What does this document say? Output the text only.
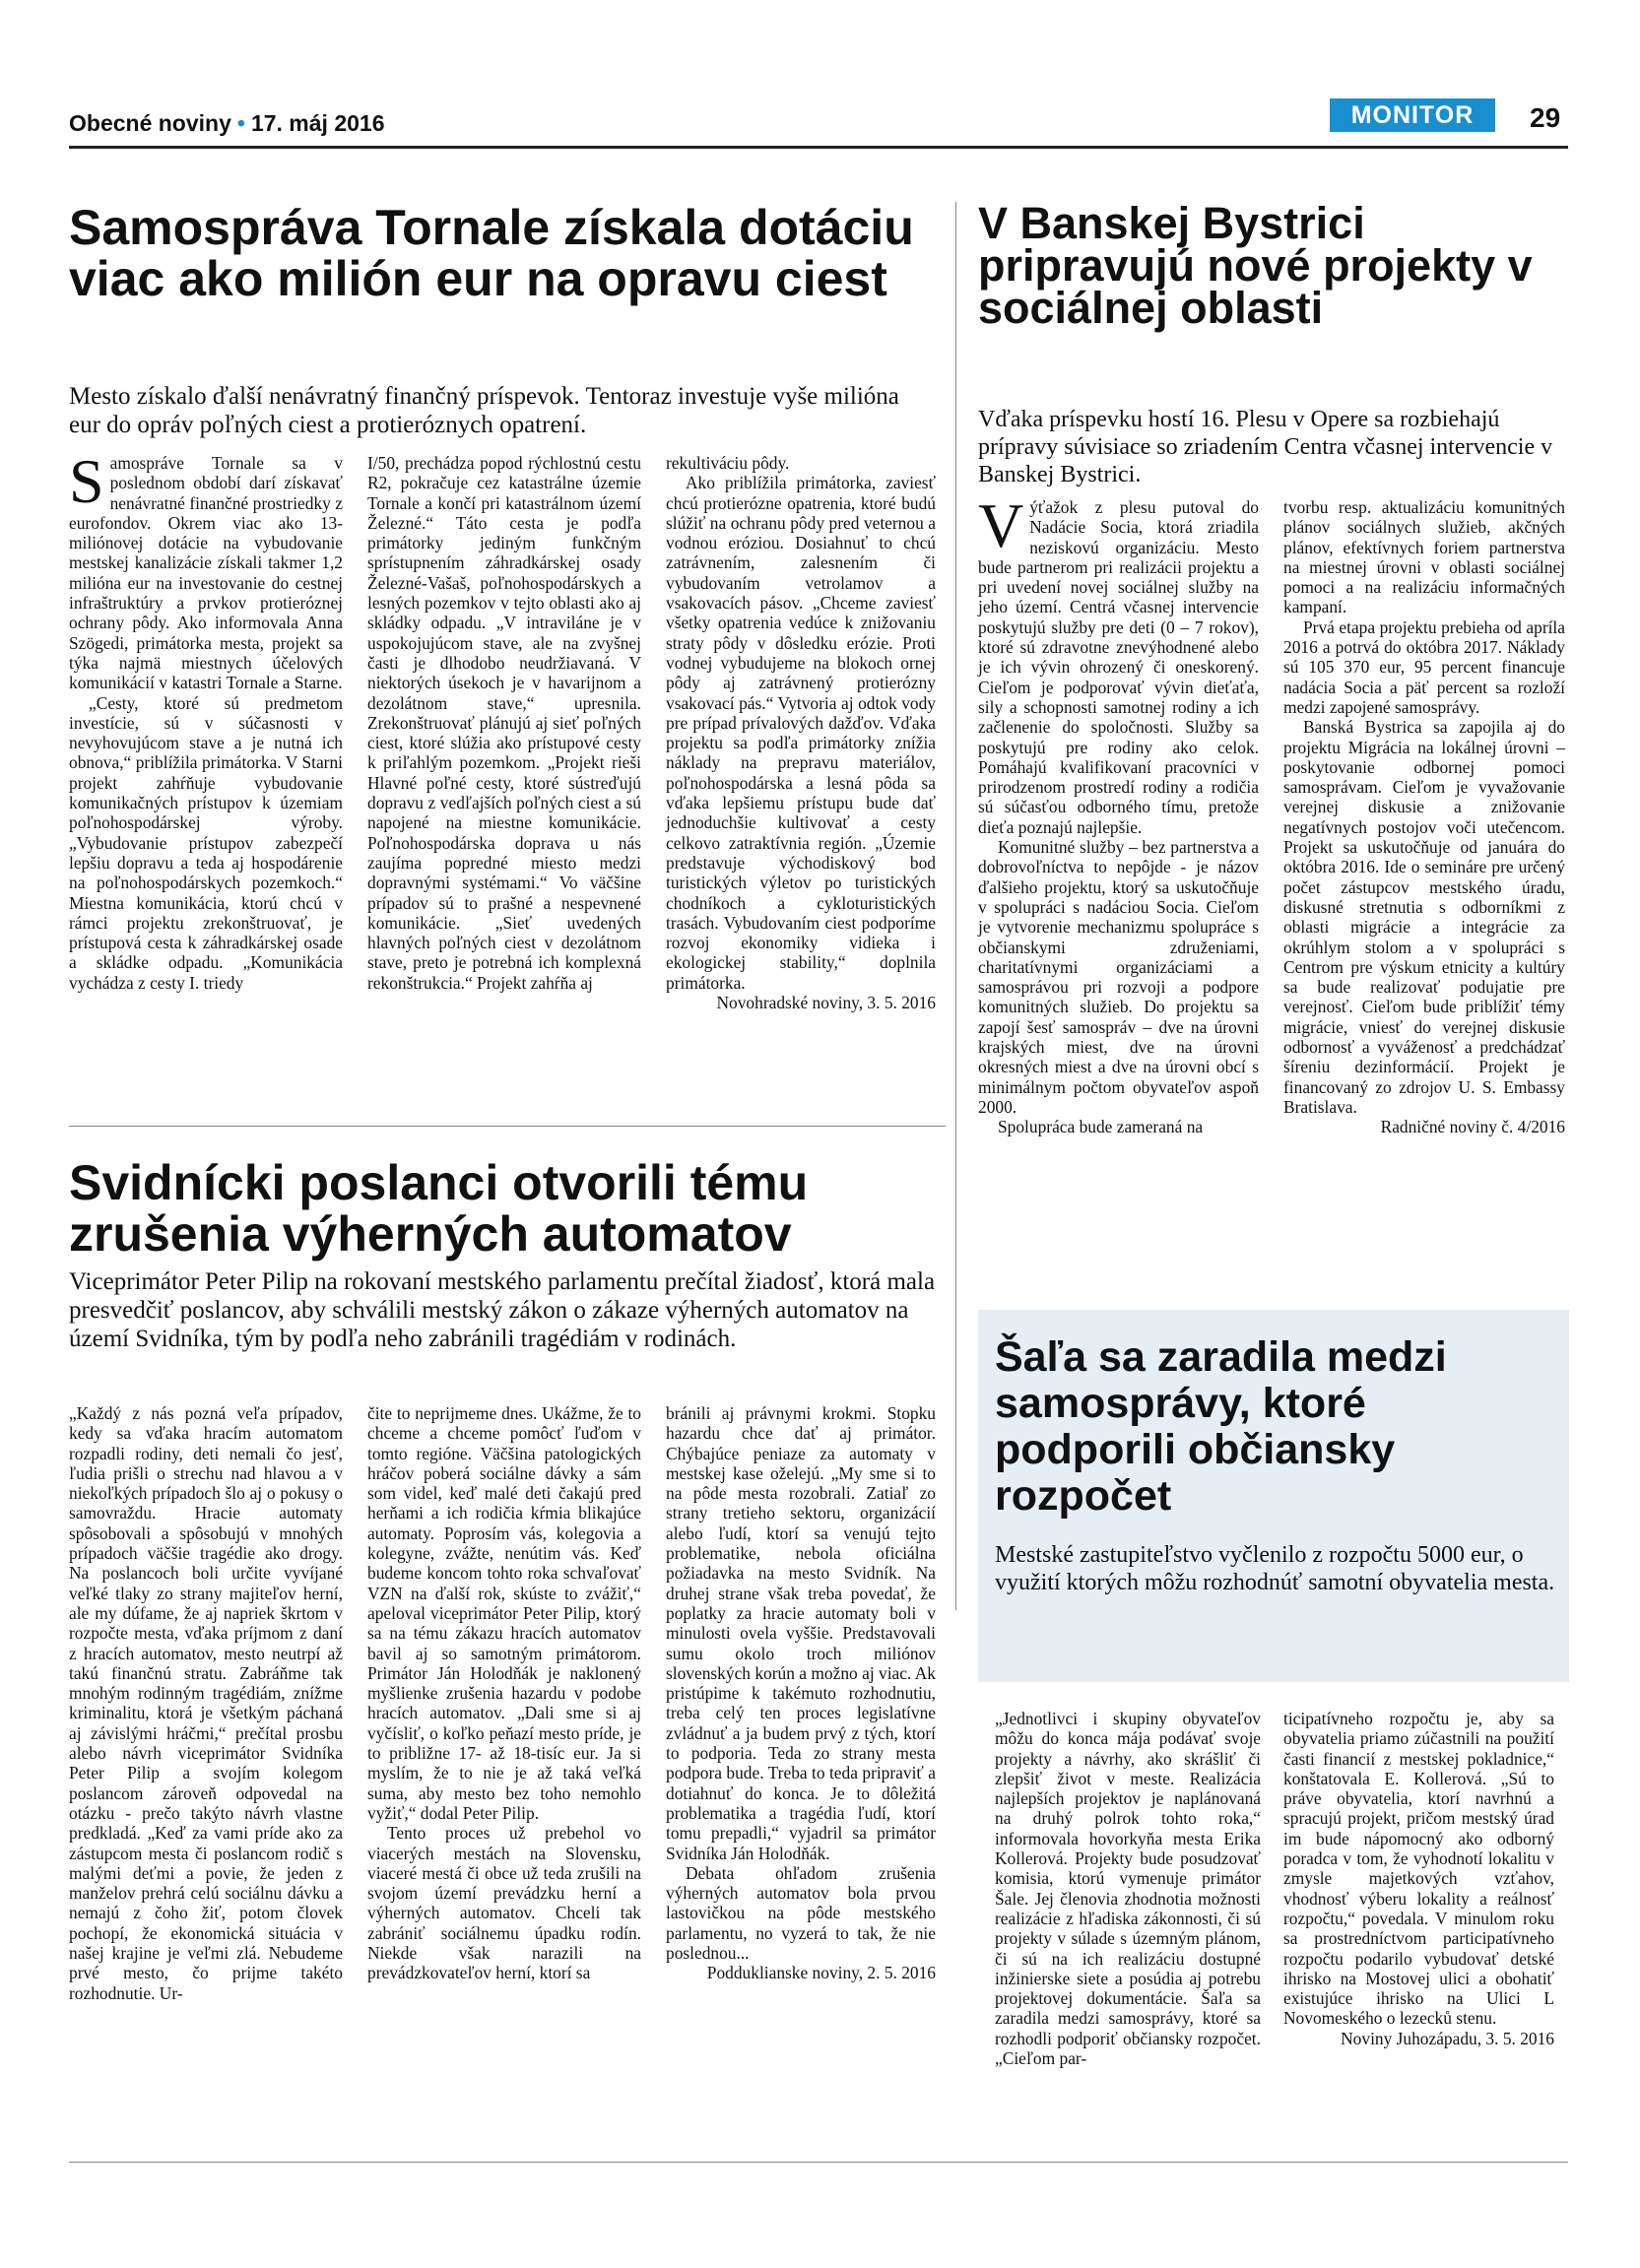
Obecné noviny • 17. máj 2016	MONITOR	29
Samospráva Tornale získala dotáciu viac ako milión eur na opravu ciest

Mesto získalo ďalší nenávratný finančný príspevok. Tentoraz investuje vyše milióna eur do opráv poľných ciest a protieróznych opatrení.

Samospráve Tornale sa v poslednom období darí získavať nenávratné finančné prostriedky z eurofondov. Okrem viac ako 13-miliónovej dotácie na vybudovanie mestskej kanalizácie získali takmer 1,2 milióna eur na investovanie do cestnej infraštruktúry a prvkov protieróznej ochrany pôdy. Ako informovala Anna Szögedi, primátorka mesta, projekt sa týka najmä miestnych účelových komunikácií v katastri Tornale a Starne.

„Cesty, ktoré sú predmetom investície, sú v súčasnosti v nevyhovujúcom stave a je nutná ich obnova,“ priblížila primátorka. V Starni projekt zahŕňuje vybudovanie komunikačných prístupov k územiam poľnohospodárskej výroby. „Vybudovanie prístupov zabezpečí lepšiu dopravu a teda aj hospodárenie na poľnohospodárskych pozemkoch.“ Miestna komunikácia, ktorú chcú v rámci projektu zrekonštruovať, je prístupová cesta k záhradkárskej osade a skládke odpadu. „Komunikácia vychádza z cesty I. triedy

I/50, prechádza popod rýchlostnú cestu R2, pokračuje cez katastrálne územie Tornale a končí pri katastrálnom území Železné.“ Táto cesta je podľa primátorky jediným funkčným sprístupnením záhradkárskej osady Železné-Vašaš, poľnohospodárskych a lesných pozemkov v tejto oblasti ako aj skládky odpadu. „V intraviláne je v uspokojujúcom stave, ale na zvyšnej časti je dlhodobo neudržiavaná. V niektorých úsekoch je v havarijnom a dezolátnom stave,“ upresnila. Zrekonštruovať plánujú aj sieť poľných ciest, ktoré slúžia ako prístupové cesty k priľahlým pozemkom. „Projekt rieši Hlavné poľné cesty, ktoré sústreďujú dopravu z vedľajších poľných ciest a sú napojené na miestne komunikácie. Poľnohospodárska doprava u nás zaujíma popredné miesto medzi dopravnými systémami.“ Vo väčšine prípadov sú to prašné a nespevnené komunikácie. „Sieť uvedených hlavných poľných ciest v dezolátnom stave, preto je potrebná ich komplexná rekonštrukcia.“ Projekt zahŕňa aj

rekultiváciu pôdy.

Ako priblížila primátorka, zaviesť chcú protierózne opatrenia, ktoré budú slúžiť na ochranu pôdy pred veternou a vodnou eróziou. Dosiahnuť to chcú zatrávnením, zalesnením či vybudovaním vetrolamov a vsakovacích pásov. „Chceme zaviesť všetky opatrenia vedúce k znižovaniu straty pôdy v dôsledku erózie. Proti vodnej vybudujeme na blokoch ornej pôdy aj zatrávnený protierózny vsakovací pás.“ Vytvoria aj odtok vody pre prípad prívalových dažďov. Vďaka projektu sa podľa primátorky znížia náklady na prepravu materiálov, poľnohospodárska a lesná pôda sa vďaka lepšiemu prístupu bude dať jednoduchšie kultivovať a cesty celkovo zatraktívnia región. „Územie predstavuje východiskový bod turistických výletov po turistických chodníkoch a cykloturistických trasách. Vybudovaním ciest podporíme rozvoj ekonomiky vidieka i ekologickej stability,“ doplnila primátorka.

Novohradské noviny, 3. 5. 2016

V Banskej Bystrici pripravujú nové projekty v sociálnej oblasti

Vďaka príspevku hostí 16. Plesu v Opere sa rozbiehajú prípravy súvisiace so zriadením Centra včasnej intervencie v Banskej Bystrici.

Výťažok z plesu putoval do Nadácie Socia, ktorá zriadila neziskovú organizáciu. Mesto bude partnerom pri realizácii projektu a pri uvedení novej sociálnej služby na jeho území. Centrá včasnej intervencie poskytujú služby pre deti (0 – 7 rokov), ktoré sú zdravotne znevýhodnené alebo je ich vývin ohrozený či oneskorený. Cieľom je podporovať vývin dieťaťa, sily a schopnosti samotnej rodiny a ich začlenenie do spoločnosti. Služby sa poskytujú pre rodiny ako celok. Pomáhajú kvalifikovaní pracovníci v prirodzenom prostredí rodiny a rodičia sú súčasťou odborného tímu, pretože dieťa poznajú najlepšie.

Komunitné služby – bez partnerstva a dobrovoľníctva to nepôjde - je názov ďalšieho projektu, ktorý sa uskutočňuje v spolupráci s nadáciou Socia. Cieľom je vytvorenie mechanizmu spolupráce s občianskymi združeniami, charitatívnymi organizáciami a samosprávou pri rozvoji a podpore komunitných služieb. Do projektu sa zapojí šesť samospráv – dve na úrovni krajských miest, dve na úrovni okresných miest a dve na úrovni obcí s minimálnym počtom obyvateľov aspoň 2000.

Spolupráca bude zameraná na

tvorbu resp. aktualizáciu komunitných plánov sociálnych služieb, akčných plánov, efektívnych foriem partnerstva na miestnej úrovni v oblasti sociálnej pomoci a na realizáciu informačných kampaní.

Prvá etapa projektu prebieha od apríla 2016 a potrvá do októbra 2017. Náklady sú 105 370 eur, 95 percent financuje nadácia Socia a päť percent sa rozloží medzi zapojené samosprávy.

Banská Bystrica sa zapojila aj do projektu Migrácia na lokálnej úrovni – poskytovanie odbornej pomoci samosprávam. Cieľom je vyvažovanie verejnej diskusie a znižovanie negatívnych postojov voči utečencom. Projekt sa uskutočňuje od januára do októbra 2016. Ide o semináre pre určený počet zástupcov mestského úradu, diskusné stretnutia s odborníkmi z oblasti migrácie a integrácie za okrúhlym stolom a v spolupráci s Centrom pre výskum etnicity a kultúry sa bude realizovať podujatie pre verejnosť. Cieľom bude priblížiť témy migrácie, vniesť do verejnej diskusie odbornosť a vyváženosť a predchádzať šíreniu dezinformácií. Projekt je financovaný zo zdrojov U. S. Embassy Bratislava.

Radničné noviny č. 4/2016

Svidnícki poslanci otvorili tému zrušenia výherných automatov

Viceprimátor Peter Pilip na rokovaní mestského parlamentu prečítal žiadosť, ktorá mala presvedčiť poslancov, aby schválili mestský zákon o zákaze výherných automatov na území Svidníka, tým by podľa neho zabránili tragédiám v rodinách.

„Každý z nás pozná veľa prípadov, kedy sa vďaka hracím automatom rozpadli rodiny, deti nemali čo jesť, ľudia prišli o strechu nad hlavou a v niekoľkých prípadoch šlo aj o pokusy o samovraždu. Hracie automaty spôsobovali a spôsobujú v mnohých prípadoch väčšie tragédie ako drogy. Na poslancoch boli určite vyvíjané veľké tlaky zo strany majiteľov herní, ale my dúfame, že aj napriek škrtom v rozpočte mesta, vďaka príjmom z daní z hracích automatov, mesto neutrpí až takú finančnú stratu. Zabráňme tak mnohým rodinným tragédiám, znížme kriminalitu, ktorá je všetkým páchaná aj závislými hráčmi,“ prečítal prosbu alebo návrh viceprimátor Svidníka Peter Pilip a svojím kolegom poslancom zároveň odpovedal na otázku - prečo takýto návrh vlastne predkladá. „Keď za vami príde ako za zástupcom mesta či poslancom rodič s malými deťmi a povie, že jeden z manželov prehrá celú sociálnu dávku a nemajú z čoho žiť, potom človek pochopí, že ekonomická situácia v našej krajine je veľmi zlá. Nebudeme prvé mesto, čo prijme takéto rozhodnutie. Ur-

čite to neprijmeme dnes. Ukážme, že to chceme a chceme pomôcť ľuďom v tomto regióne. Väčšina patologických hráčov poberá sociálne dávky a sám som videl, keď malé deti čakajú pred herňami a ich rodičia kŕmia blikajúce automaty. Poprosím vás, kolegovia a kolegyne, zvážte, nenútim vás. Keď budeme koncom tohto roka schvaľovať VZN na ďalší rok, skúste to zvážiť,“ apeloval viceprimátor Peter Pilip, ktorý sa na tému zákazu hracích automatov bavil aj so samotným primátorom. Primátor Ján Holodňák je naklonený myšlienke zrušenia hazardu v podobe hracích automatov. „Dali sme si aj vyčísliť, o koľko peňazí mesto príde, je to približne 17- až 18-tisíc eur. Ja si myslím, že to nie je až taká veľká suma, aby mesto bez toho nemohlo vyžiť,“ dodal Peter Pilip.

Tento proces už prebehol vo viacerých mestách na Slovensku, viaceré mestá či obce už teda zrušili na svojom území prevádzku herní a výherných automatov. Chceli tak zabrániť sociálnemu úpadku rodín. Niekde však narazili na prevádzkovateľov herní, ktorí sa

bránili aj právnymi krokmi. Stopku hazardu chce dať aj primátor. Chýbajúce peniaze za automaty v mestskej kase oželejú. „My sme si to na pôde mesta rozobrali. Zatiaľ zo strany tretieho sektoru, organizácií alebo ľudí, ktorí sa venujú tejto problematike, nebola oficiálna požiadavka na mesto Svidník. Na druhej strane však treba povedať, že poplatky za hracie automaty boli v minulosti ovela vyššie. Predstavovali sumu okolo troch miliónov slovenských korún a možno aj viac. Ak pristúpime k takémuto rozhodnutiu, treba celý ten proces legislatívne zvládnuť a ja budem prvý z tých, ktorí to podporia. Teda zo strany mesta podpora bude. Treba to teda pripraviť a dotiahnuť do konca. Je to dôležitá problematika a tragédia ľudí, ktorí tomu prepadli,“ vyjadril sa primátor Svidníka Ján Holodňák.

Debata ohľadom zrušenia výherných automatov bola prvou lastovičkou na pôde mestského parlamentu, no vyzerá to tak, že nie poslednou...

Podduklianske noviny, 2. 5. 2016

Šaľa sa zaradila medzi samosprávy, ktoré podporili občiansky rozpočet

Mestské zastupiteľstvo vyčlenilo z rozpočtu 5000 eur, o využití ktorých môžu rozhodnúť samotní obyvatelia mesta.

„Jednotlivci i skupiny obyvateľov môžu do konca mája podávať svoje projekty a návrhy, ako skrášliť či zlepšiť život v meste. Realizácia najlepších projektov je naplánovaná na druhý polrok tohto roka,“ informovala hovorkyňa mesta Erika Kollerová. Projekty bude posudzovať komisia, ktorú vymenuje primátor Šale. Jej členovia zhodnotia možnosti realizácie z hľadiska zákonnosti, či sú projekty v súlade s územným plánom, či sú na ich realizáciu dostupné inžinierske siete a posúdia aj potrebu projektovej dokumentácie. Šaľa sa zaradila medzi samosprávy, ktoré sa rozhodli podporiť občiansky rozpočet. „Cieľom par-

ticipatívneho rozpočtu je, aby sa obyvatelia priamo zúčastnili na použití časti financií z mestskej pokladnice,“ konštatovala E. Kollerová. „Sú to práve obyvatelia, ktorí navrhnú a spracujú projekt, pričom mestský úrad im bude nápomocný ako odborný poradca v tom, že vyhodnotí lokalitu v zmysle majetkových vzťahov, vhodnosť výberu lokality a reálnosť rozpočtu,“ povedala. V minulom roku sa prostredníctvom participatívneho rozpočtu podarilo vybudovať detské ihrisko na Mostovej ulici a obohatiť existujúce ihrisko na Ulici L Novomeského o lezecků stenu.

Noviny Juhozápadu, 3. 5. 2016
